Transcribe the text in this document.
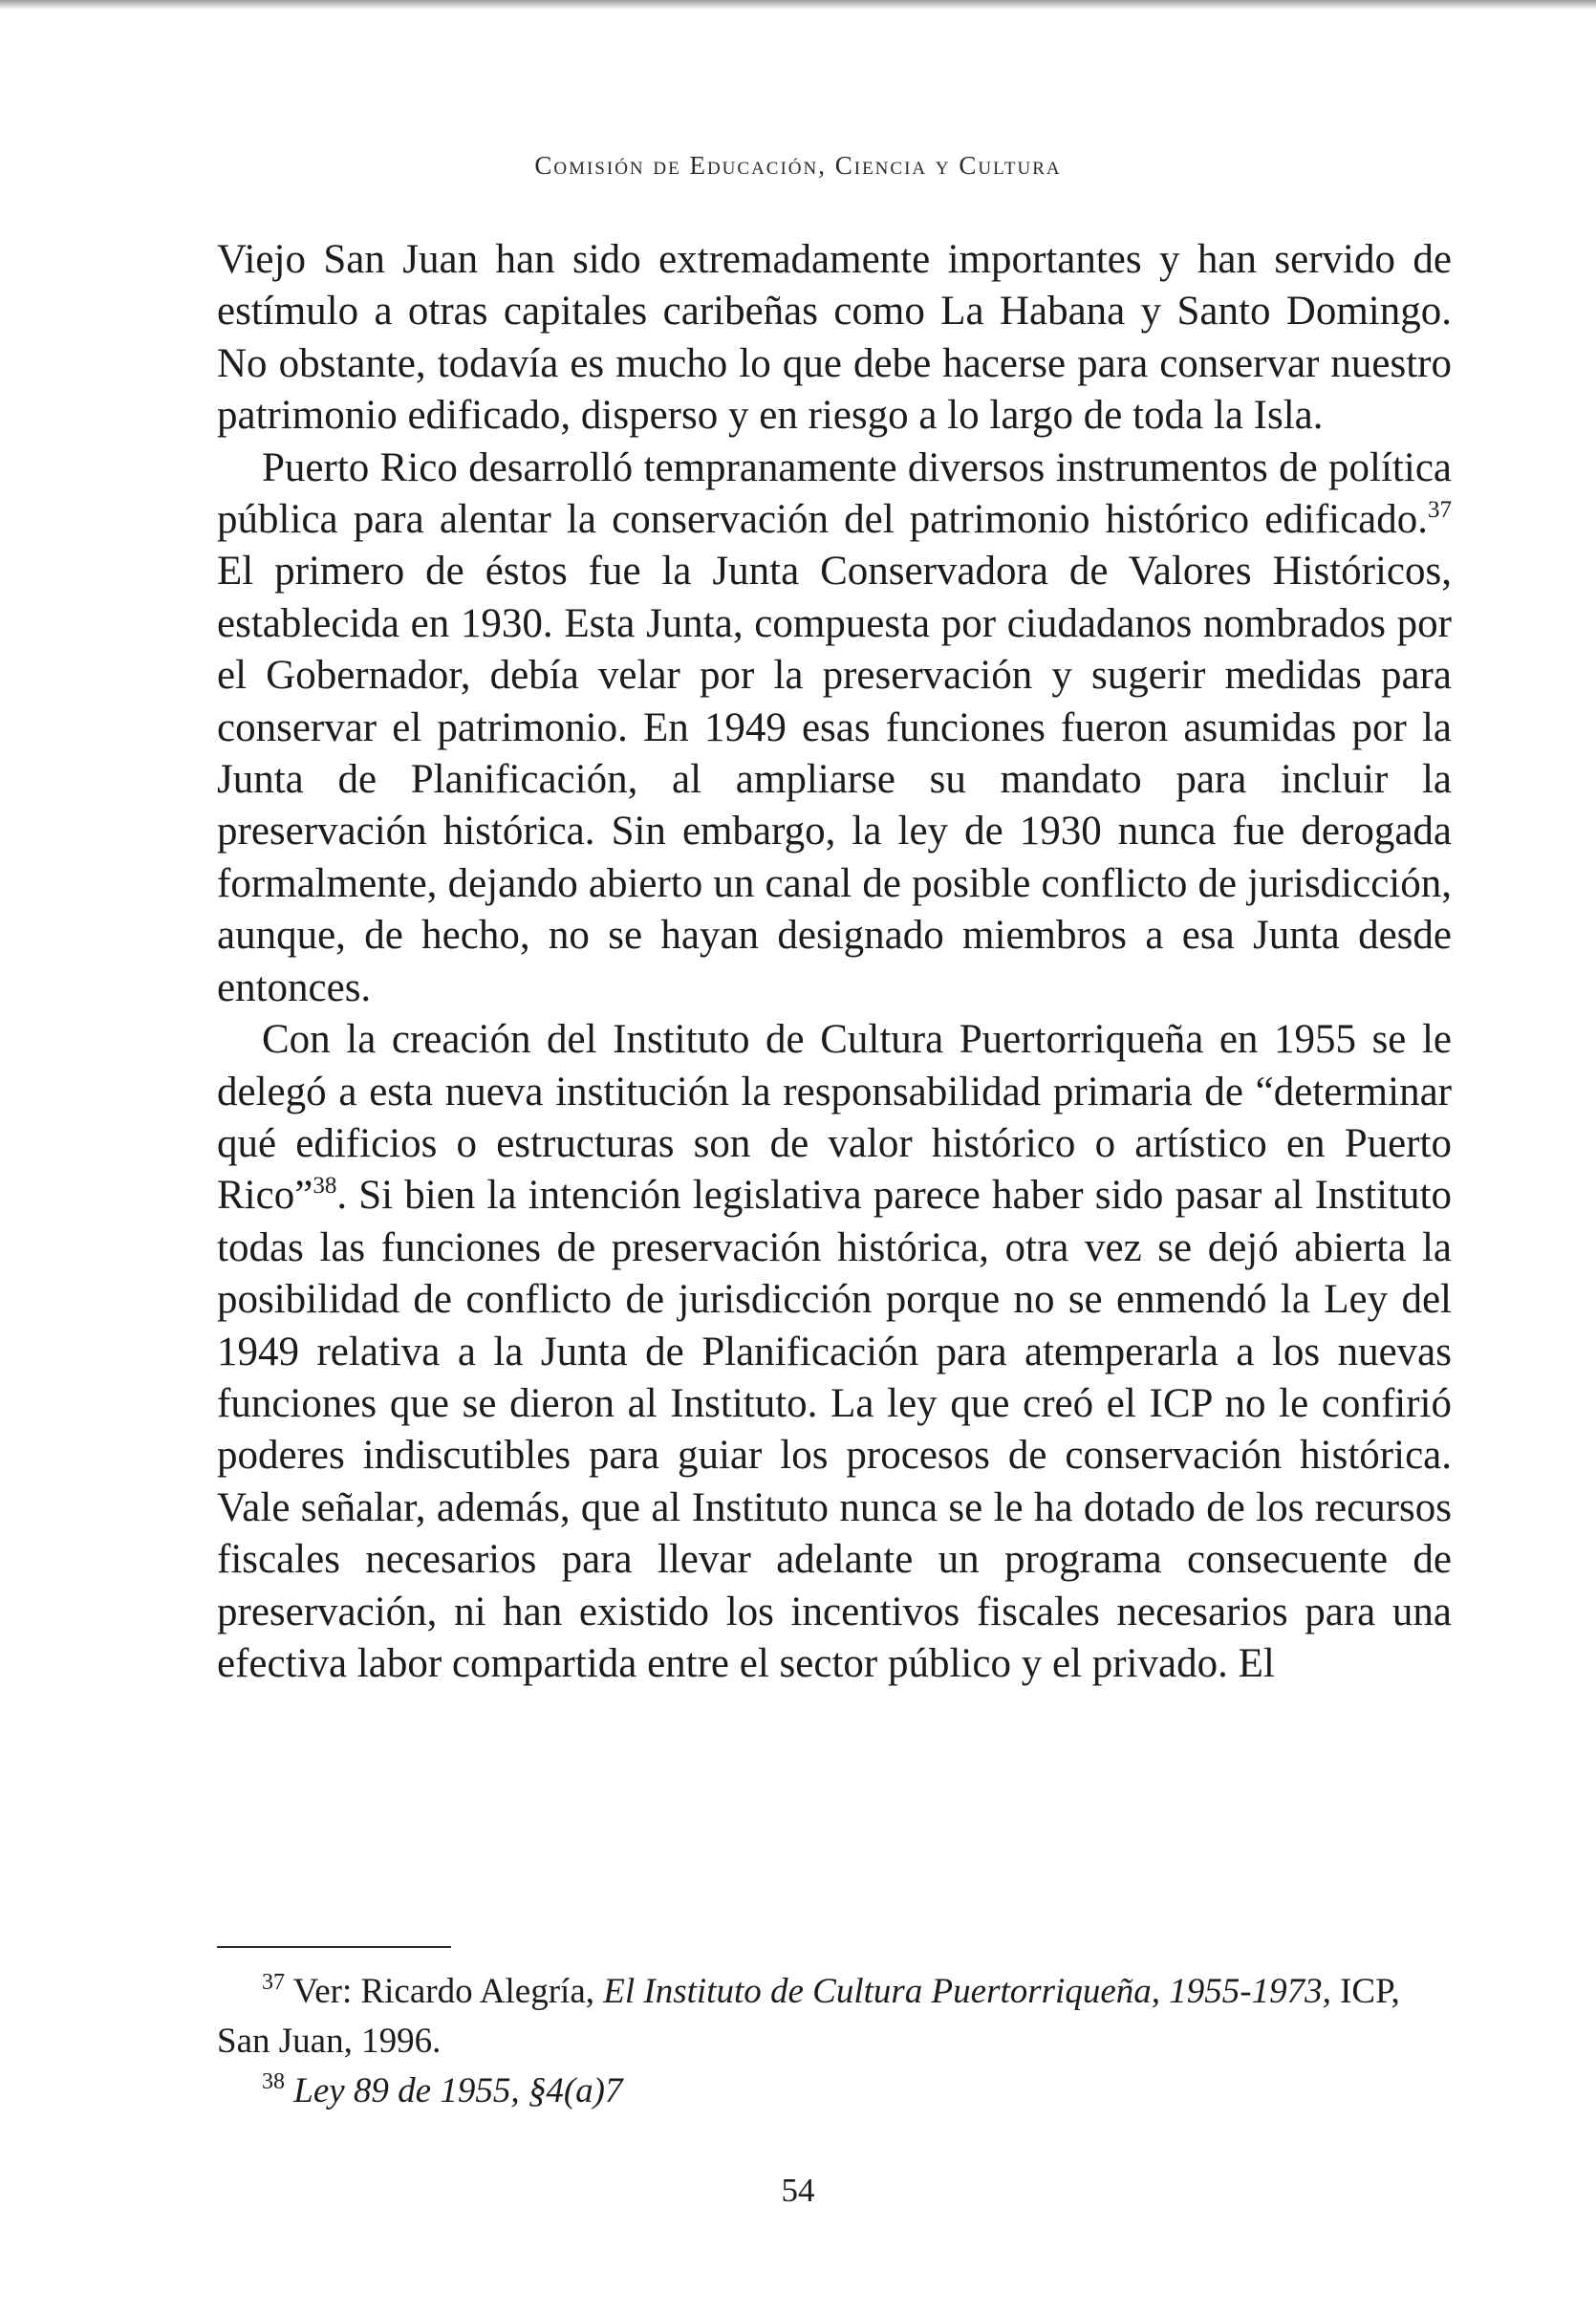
Comisión de Educación, Ciencia y Cultura

Viejo San Juan han sido extremadamente importantes y han servido de estímulo a otras capitales caribeñas como La Habana y Santo Domingo. No obstante, todavía es mucho lo que debe hacerse para conservar nuestro patrimonio edificado, disperso y en riesgo a lo largo de toda la Isla.

Puerto Rico desarrolló tempranamente diversos instrumentos de política pública para alentar la conservación del patrimonio histórico edificado.$^{37}$ El primero de éstos fue la Junta Conservadora de Valores Históricos, establecida en 1930. Esta Junta, compuesta por ciudadanos nombrados por el Gobernador, debía velar por la preservación y sugerir medidas para conservar el patrimonio. En 1949 esas funciones fueron asumidas por la Junta de Planificación, al ampliarse su mandato para incluir la preservación histórica. Sin embargo, la ley de 1930 nunca fue derogada formalmente, dejando abierto un canal de posible conflicto de jurisdicción, aunque, de hecho, no se hayan designado miembros a esa Junta desde entonces.

Con la creación del Instituto de Cultura Puertorriqueña en 1955 se le delegó a esta nueva institución la responsabilidad primaria de “determinar qué edificios o estructuras son de valor histórico o artístico en Puerto Rico”$^{38}$. Si bien la intención legislativa parece haber sido pasar al Instituto todas las funciones de preservación histórica, otra vez se dejó abierta la posibilidad de conflicto de jurisdicción porque no se enmendó la Ley del 1949 relativa a la Junta de Planificación para atemperarla a los nuevas funciones que se dieron al Instituto. La ley que creó el ICP no le confirió poderes indiscutibles para guiar los procesos de conservación histórica. Vale señalar, además, que al Instituto nunca se le ha dotado de los recursos fiscales necesarios para llevar adelante un programa consecuente de preservación, ni han existido los incentivos fiscales necesarios para una efectiva labor compartida entre el sector público y el privado. El

$^{37}$ Ver: Ricardo Alegría, El Instituto de Cultura Puertorriqueña, 1955-1973, ICP, San Juan, 1996.

$^{38}$ Ley 89 de 1955, §4(a)7

54
